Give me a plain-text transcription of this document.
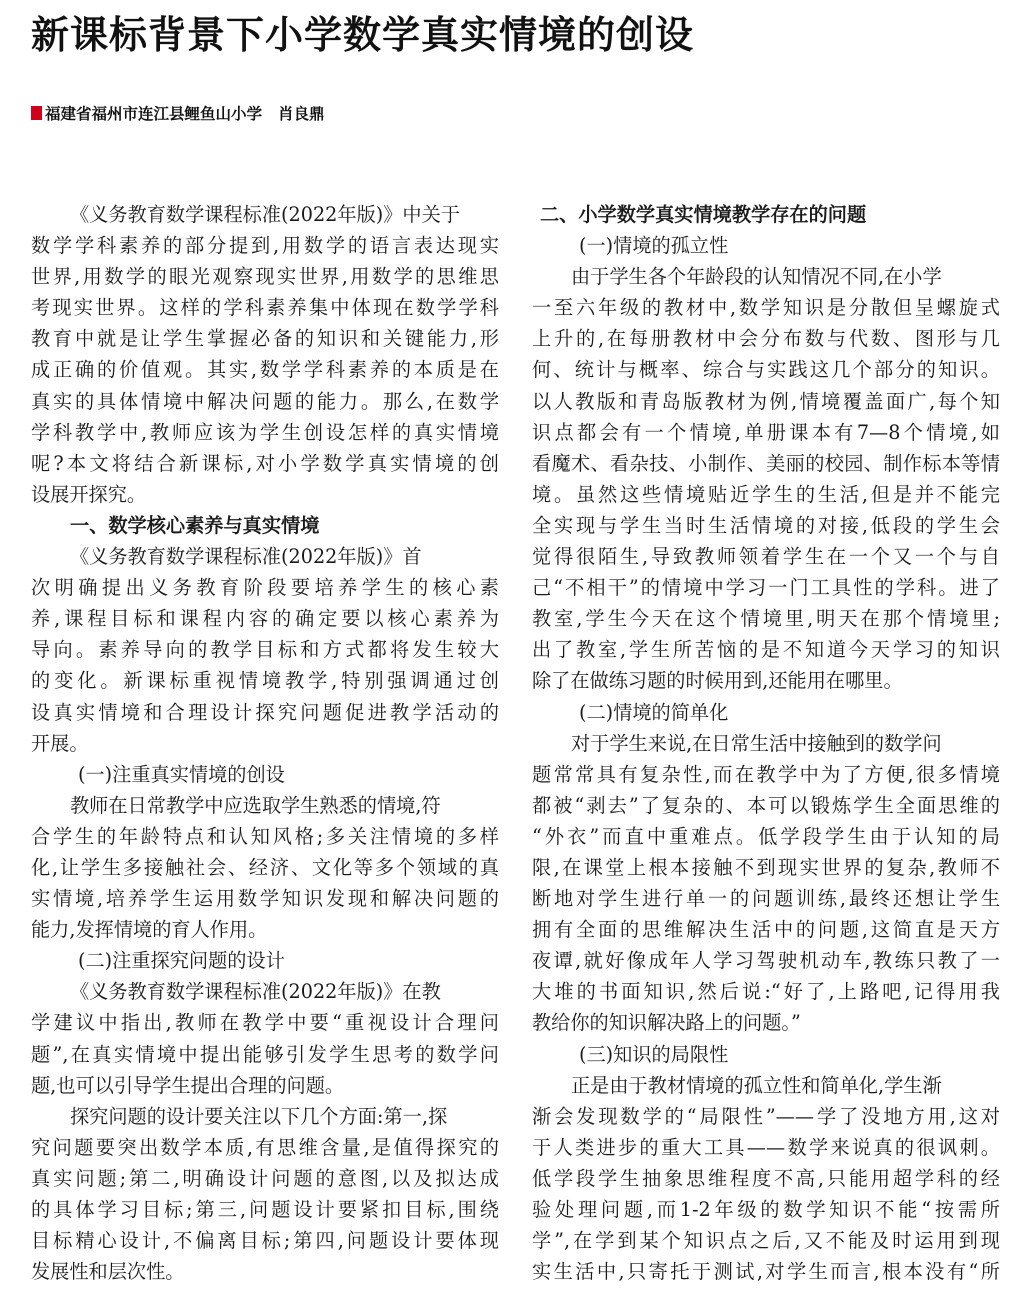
新课标背景下小学数学真实情境的创设
福建省福州市连江县鲤鱼山小学 肖良鼎
《义务教育数学课程标准(2022年版)》中关于
数学学科素养的部分提到,用数学的语言表达现实
世界,用数学的眼光观察现实世界,用数学的思维思
考现实世界。这样的学科素养集中体现在数学学科
教育中就是让学生掌握必备的知识和关键能力,形
成正确的价值观。其实,数学学科素养的本质是在
真实的具体情境中解决问题的能力。那么,在数学
学科教学中,教师应该为学生创设怎样的真实情境
呢?本文将结合新课标,对小学数学真实情境的创
设展开探究。
一、数学核心素养与真实情境
《义务教育数学课程标准(2022年版)》首
次明确提出义务教育阶段要培养学生的核心素
养,课程目标和课程内容的确定要以核心素养为
导向。素养导向的教学目标和方式都将发生较大
的变化。新课标重视情境教学,特别强调通过创
设真实情境和合理设计探究问题促进教学活动的
开展。
(一)注重真实情境的创设
教师在日常教学中应选取学生熟悉的情境,符
合学生的年龄特点和认知风格;多关注情境的多样
化,让学生多接触社会、经济、文化等多个领域的真
实情境,培养学生运用数学知识发现和解决问题的
能力,发挥情境的育人作用。
(二)注重探究问题的设计
《义务教育数学课程标准(2022年版)》在教
学建议中指出,教师在教学中要“重视设计合理问
题”,在真实情境中提出能够引发学生思考的数学问
题,也可以引导学生提出合理的问题。
探究问题的设计要关注以下几个方面:第一,探
究问题要突出数学本质,有思维含量,是值得探究的
真实问题;第二,明确设计问题的意图,以及拟达成
的具体学习目标;第三,问题设计要紧扣目标,围绕
目标精心设计,不偏离目标;第四,问题设计要体现
发展性和层次性。
二、小学数学真实情境教学存在的问题
(一)情境的孤立性
由于学生各个年龄段的认知情况不同,在小学
一至六年级的教材中,数学知识是分散但呈螺旋式
上升的,在每册教材中会分布数与代数、图形与几
何、统计与概率、综合与实践这几个部分的知识。
以人教版和青岛版教材为例,情境覆盖面广,每个知
识点都会有一个情境,单册课本有7—8个情境,如
看魔术、看杂技、小制作、美丽的校园、制作标本等情
境。虽然这些情境贴近学生的生活,但是并不能完
全实现与学生当时生活情境的对接,低段的学生会
觉得很陌生,导致教师领着学生在一个又一个与自
己“不相干”的情境中学习一门工具性的学科。进了
教室,学生今天在这个情境里,明天在那个情境里;
出了教室,学生所苦恼的是不知道今天学习的知识
除了在做练习题的时候用到,还能用在哪里。
(二)情境的简单化
对于学生来说,在日常生活中接触到的数学问
题常常具有复杂性,而在教学中为了方便,很多情境
都被“剥去”了复杂的、本可以锻炼学生全面思维的
“外衣”而直中重难点。低学段学生由于认知的局
限,在课堂上根本接触不到现实世界的复杂,教师不
断地对学生进行单一的问题训练,最终还想让学生
拥有全面的思维解决生活中的问题,这简直是天方
夜谭,就好像成年人学习驾驶机动车,教练只教了一
大堆的书面知识,然后说:“好了,上路吧,记得用我
教给你的知识解决路上的问题。”
(三)知识的局限性
正是由于教材情境的孤立性和简单化,学生渐
渐会发现数学的“局限性”——学了没地方用,这对
于人类进步的重大工具——数学来说真的很讽刺。
低学段学生抽象思维程度不高,只能用超学科的经
验处理问题,而1-2年级的数学知识不能“按需所
学”,在学到某个知识点之后,又不能及时运用到现
实生活中,只寄托于测试,对学生而言,根本没有“所
